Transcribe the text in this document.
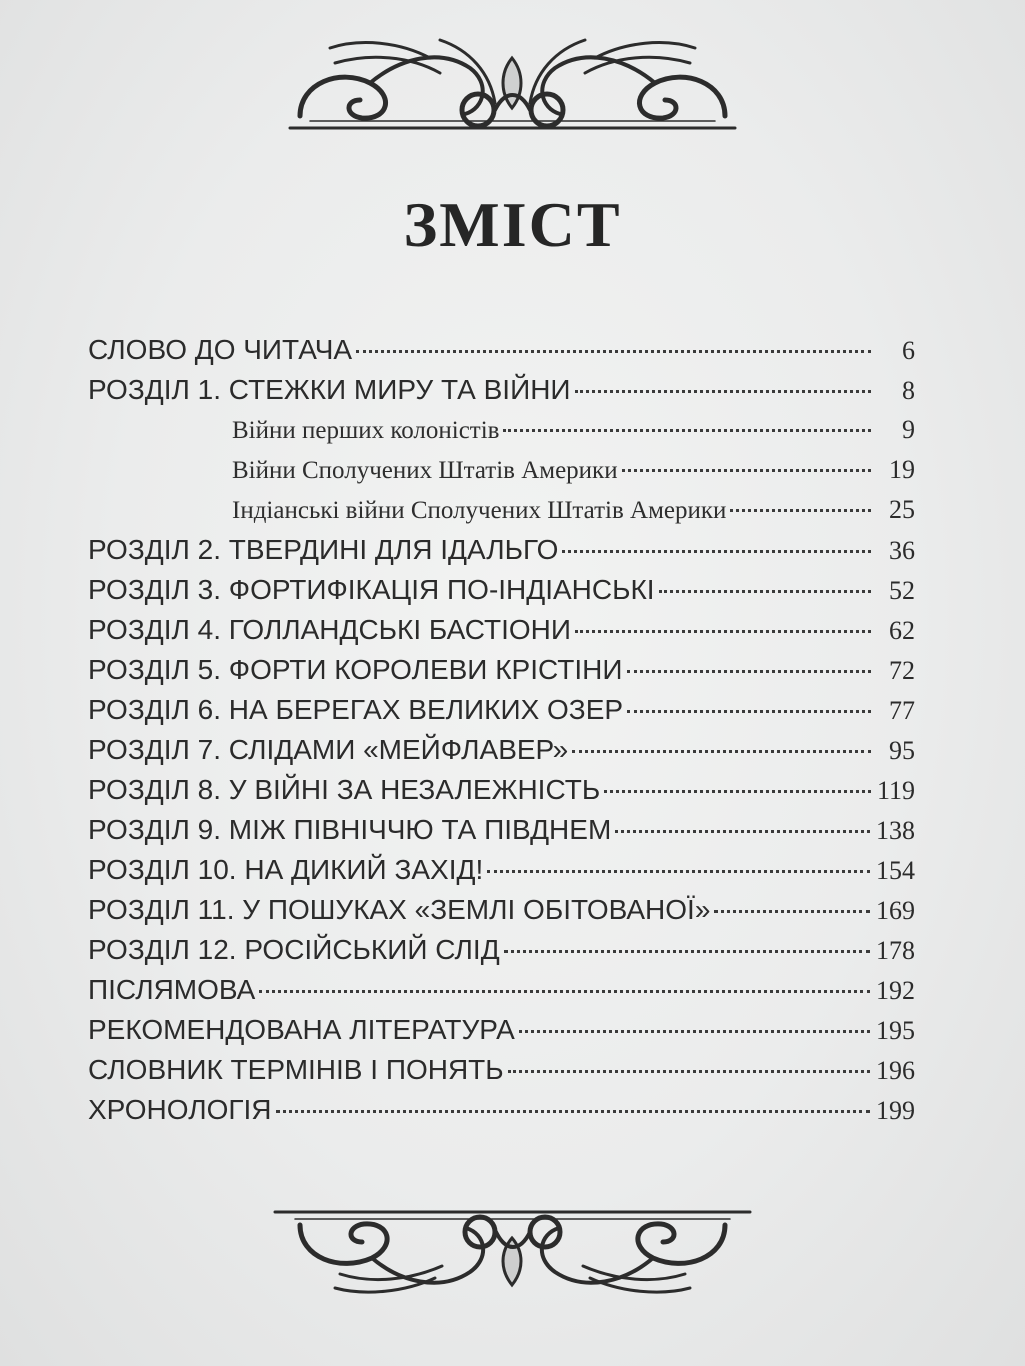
ЗМІСТ
СЛОВО ДО ЧИТАЧА	6
РОЗДІЛ 1. СТЕЖКИ МИРУ ТА ВІЙНИ	8
Війни перших колоністів	9
Війни Сполучених Штатів Америки	19
Індіанські війни Сполучених Штатів Америки	25
РОЗДІЛ 2. ТВЕРДИНІ ДЛЯ ІДАЛЬГО	36
РОЗДІЛ 3. ФОРТИФІКАЦІЯ ПО-ІНДІАНСЬКІ	52
РОЗДІЛ 4. ГОЛЛАНДСЬКІ БАСТІОНИ	62
РОЗДІЛ 5. ФОРТИ КОРОЛЕВИ КРІСТІНИ	72
РОЗДІЛ 6. НА БЕРЕГАХ ВЕЛИКИХ ОЗЕР	77
РОЗДІЛ 7. СЛІДАМИ «МЕЙФЛАВЕР»	95
РОЗДІЛ 8. У ВІЙНІ ЗА НЕЗАЛЕЖНІСТЬ	119
РОЗДІЛ 9. МІЖ ПІВНІЧЧЮ ТА ПІВДНЕМ	138
РОЗДІЛ 10. НА ДИКИЙ ЗАХІД!	154
РОЗДІЛ 11. У ПОШУКАХ «ЗЕМЛІ ОБІТОВАНОЇ»	169
РОЗДІЛ 12. РОСІЙСЬКИЙ СЛІД	178
ПІСЛЯМОВА	192
РЕКОМЕНДОВАНА ЛІТЕРАТУРА	195
СЛОВНИК ТЕРМІНІВ І ПОНЯТЬ	196
ХРОНОЛОГІЯ	199
